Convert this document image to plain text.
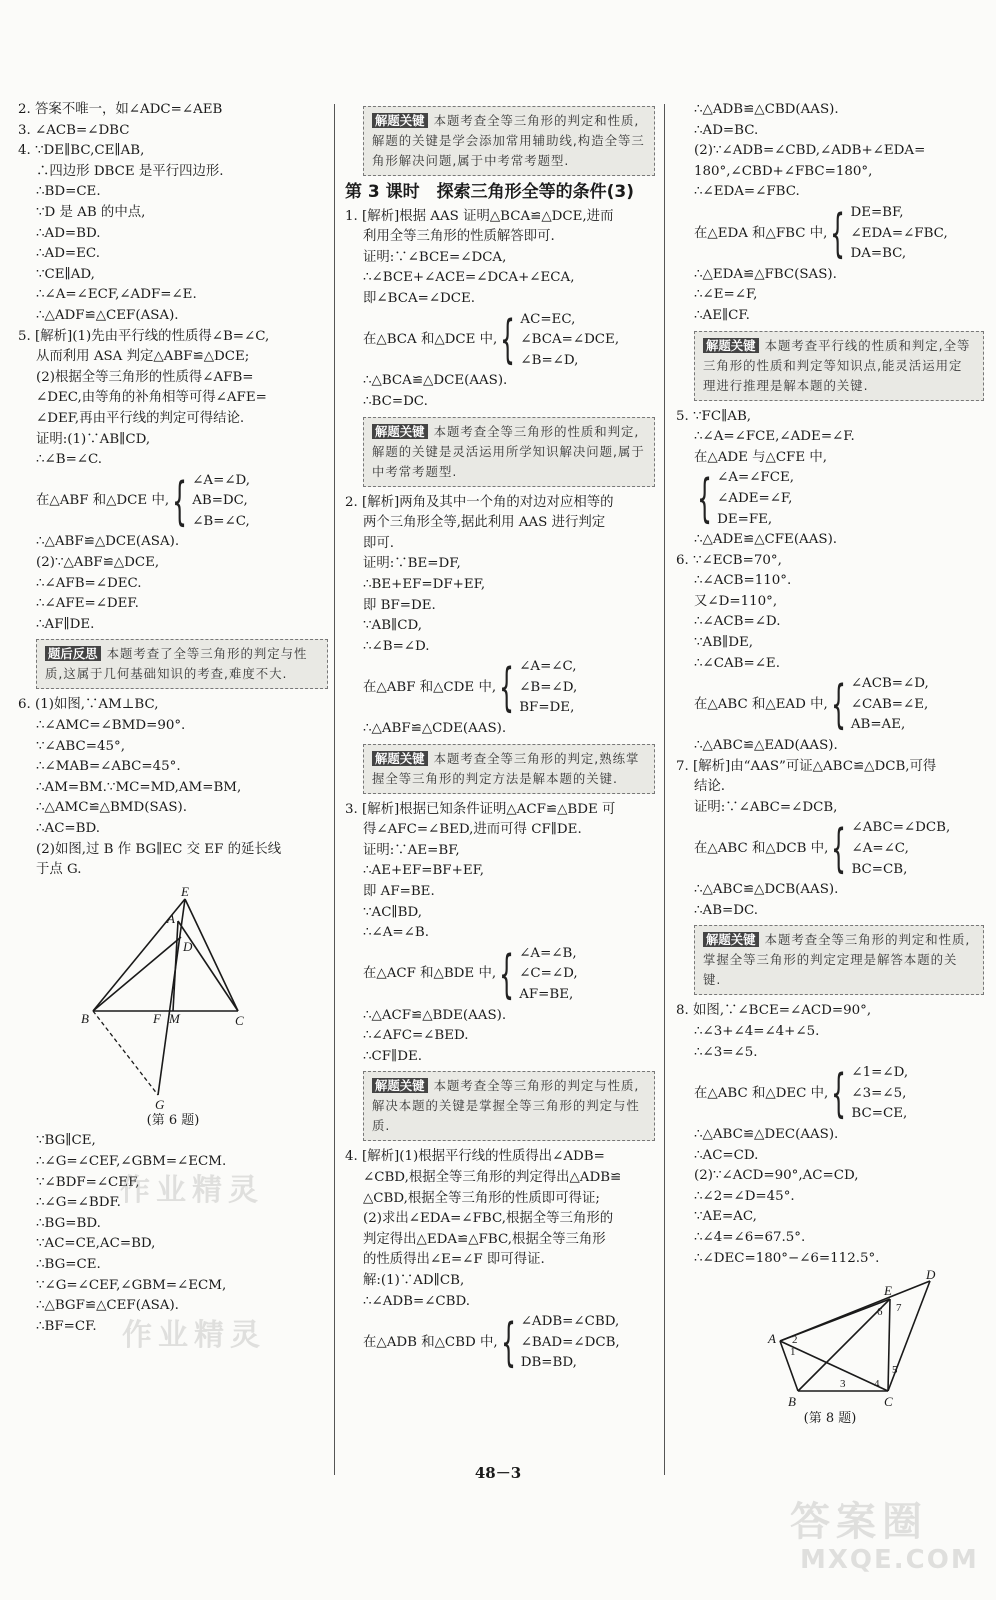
2. 答案不唯一，如∠ADC=∠AEB
3. ∠ACB=∠DBC
4. ∵DE∥BC,CE∥AB,
∴四边形 DBCE 是平行四边形.
∴BD=CE.
∵D 是 AB 的中点,
∴AD=BD.
∴AD=EC.
∵CE∥AD,
∴∠A=∠ECF,∠ADF=∠E.
∴△ADF≌△CEF(ASA).
5. [解析](1)先由平行线的性质得∠B=∠C,
从而利用 ASA 判定△ABF≌△DCE;
(2)根据全等三角形的性质得∠AFB=
∠DEC,由等角的补角相等可得∠AFE=
∠DEF,再由平行线的判定可得结论.
证明:(1)∵AB∥CD,
∴∠B=∠C.
在△ABF 和△DCE 中, { ∠A=∠D,
AB=DC,
∠B=∠C,
∴△ABF≌△DCE(ASA).
(2)∵△ABF≌△DCE,
∴∠AFB=∠DEC.
∴∠AFE=∠DEF.
∴AF∥DE.
题后反思 本题考查了全等三角形的判定与性质,这属于几何基础知识的考查,难度不大.
6. (1)如图,∵AM⊥BC,
∴∠AMC=∠BMD=90°.
∵∠ABC=45°,
∴∠MAB=∠ABC=45°.
∴AM=BM.∵MC=MD,AM=BM,
∴△AMC≌△BMD(SAS).
∴AC=BD.
(2)如图,过 B 作 BG∥EC 交 EF 的延长线
于点 G.
E
A
D
B	F M	C
G
(第 6 题)
∵BG∥CE,
∴∠G=∠CEF,∠GBM=∠ECM.
∵∠BDF=∠CEF,
∴∠G=∠BDF.
∴BG=BD.
∵AC=CE,AC=BD,
∴BG=CE.
∵∠G=∠CEF,∠GBM=∠ECM,
∴△BGF≌△CEF(ASA).
∴BF=CF.
解题关键 本题考查全等三角形的判定和性质,解题的关键是学会添加常用辅助线,构造全等三角形解决问题,属于中考常考题型.
第 3 课时　探索三角形全等的条件(3)
1. [解析]根据 AAS 证明△BCA≌△DCE,进而
利用全等三角形的性质解答即可.
证明:∵∠BCE=∠DCA,
∴∠BCE+∠ACE=∠DCA+∠ECA,
即∠BCA=∠DCE.
在△BCA 和△DCE 中, { AC=EC,
∠BCA=∠DCE,
∠B=∠D,
∴△BCA≌△DCE(AAS).
∴BC=DC.
解题关键 本题考查全等三角形的性质和判定,解题的关键是灵活运用所学知识解决问题,属于中考常考题型.
2. [解析]两角及其中一个角的对边对应相等的
两个三角形全等,据此利用 AAS 进行判定
即可.
证明:∵BE=DF,
∴BE+EF=DF+EF,
即 BF=DE.
∵AB∥CD,
∴∠B=∠D.
在△ABF 和△CDE 中, { ∠A=∠C,
∠B=∠D,
BF=DE,
∴△ABF≌△CDE(AAS).
解题关键 本题考查全等三角形的判定,熟练掌握全等三角形的判定方法是解本题的关键.
3. [解析]根据已知条件证明△ACF≌△BDE 可
得∠AFC=∠BED,进而可得 CF∥DE.
证明:∵AE=BF,
∴AE+EF=BF+EF,
即 AF=BE.
∵AC∥BD,
∴∠A=∠B.
在△ACF 和△BDE 中, { ∠A=∠B,
∠C=∠D,
AF=BE,
∴△ACF≌△BDE(AAS).
∴∠AFC=∠BED.
∴CF∥DE.
解题关键 本题考查全等三角形的判定与性质,解决本题的关键是掌握全等三角形的判定与性质.
4. [解析](1)根据平行线的性质得出∠ADB=
∠CBD,根据全等三角形的判定得出△ADB≌
△CBD,根据全等三角形的性质即可得证;
(2)求出∠EDA=∠FBC,根据全等三角形的
判定得出△EDA≌△FBC,根据全等三角形
的性质得出∠E=∠F 即可得证.
解:(1)∵AD∥CB,
∴∠ADB=∠CBD.
在△ADB 和△CBD 中, { ∠ADB=∠CBD,
∠BAD=∠DCB,
DB=BD,
∴△ADB≌△CBD(AAS).
∴AD=BC.
(2)∵∠ADB=∠CBD,∠ADB+∠EDA=
180°,∠CBD+∠FBC=180°,
∴∠EDA=∠FBC.
在△EDA 和△FBC 中, { DE=BF,
∠EDA=∠FBC,
DA=BC,
∴△EDA≌△FBC(SAS).
∴∠E=∠F,
∴AE∥CF.
解题关键 本题考查平行线的性质和判定,全等三角形的性质和判定等知识点,能灵活运用定理进行推理是解本题的关键.
5. ∵FC∥AB,
∴∠A=∠FCE,∠ADE=∠F.
在△ADE 与△CFE 中,
{ ∠A=∠FCE,
∠ADE=∠F,
DE=FE,
∴△ADE≌△CFE(AAS).
6. ∵∠ECB=70°,
∴∠ACB=110°.
又∠D=110°,
∴∠ACB=∠D.
∵AB∥DE,
∴∠CAB=∠E.
在△ABC 和△EAD 中, { ∠ACB=∠D,
∠CAB=∠E,
AB=AE,
∴△ABC≌△EAD(AAS).
7. [解析]由“AAS”可证△ABC≌△DCB,可得
结论.
证明:∵∠ABC=∠DCB,
在△ABC 和△DCB 中, { ∠ABC=∠DCB,
∠A=∠C,
BC=CB,
∴△ABC≌△DCB(AAS).
∴AB=DC.
解题关键 本题考查全等三角形的判定和性质,掌握全等三角形的判定定理是解答本题的关键.
8. 如图,∵∠BCE=∠ACD=90°,
∴∠3+∠4=∠4+∠5.
∴∠3=∠5.
在△ABC 和△DEC 中, { ∠1=∠D,
∠3=∠5,
BC=CE,
∴△ABC≌△DEC(AAS).
∴AC=CD.
(2)∵∠ACD=90°,AC=CD,
∴∠2=∠D=45°.
∵AE=AC,
∴∠4=∠6=67.5°.
∴∠DEC=180°−∠6=112.5°.
A
B	C
D
E
1
2
3	4
5
6 7
(第 8 题)
48－3
作业精灵
作业精灵
答案圈
MXQE.COM
